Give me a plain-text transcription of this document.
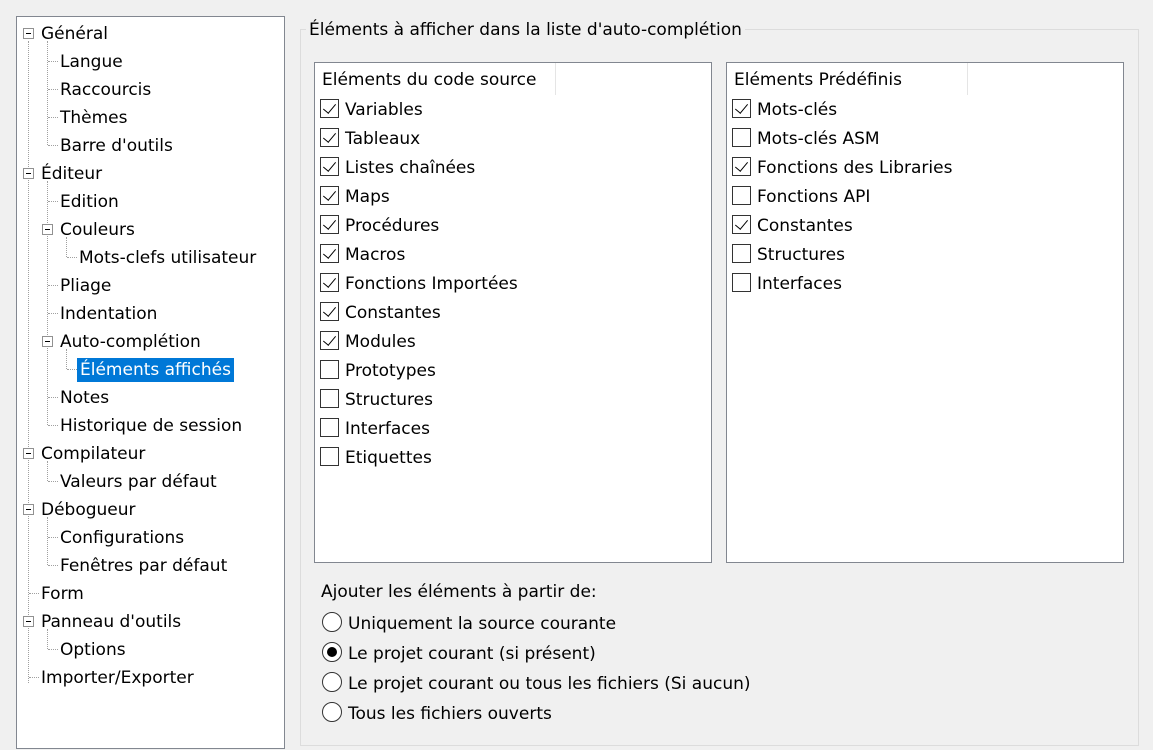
Général
Langue
Raccourcis
Thèmes
Barre d'outils
Éditeur
Edition
Couleurs
Mots-clefs utilisateur
Pliage
Indentation
Auto-complétion
Éléments affichés
Notes
Historique de session
Compilateur
Valeurs par défaut
Débogueur
Configurations
Fenêtres par défaut
Form
Panneau d'outils
Options
Importer/Exporter
Éléments à afficher dans la liste d'auto-complétion
Eléments du code source
Variables
Tableaux
Listes chaînées
Maps
Procédures
Macros
Fonctions Importées
Constantes
Modules
Prototypes
Structures
Interfaces
Etiquettes
Eléments Prédéfinis
Mots-clés
Mots-clés ASM
Fonctions des Libraries
Fonctions API
Constantes
Structures
Interfaces
Ajouter les éléments à partir de:
Uniquement la source courante
Le projet courant (si présent)
Le projet courant ou tous les fichiers (Si aucun)
Tous les fichiers ouverts
